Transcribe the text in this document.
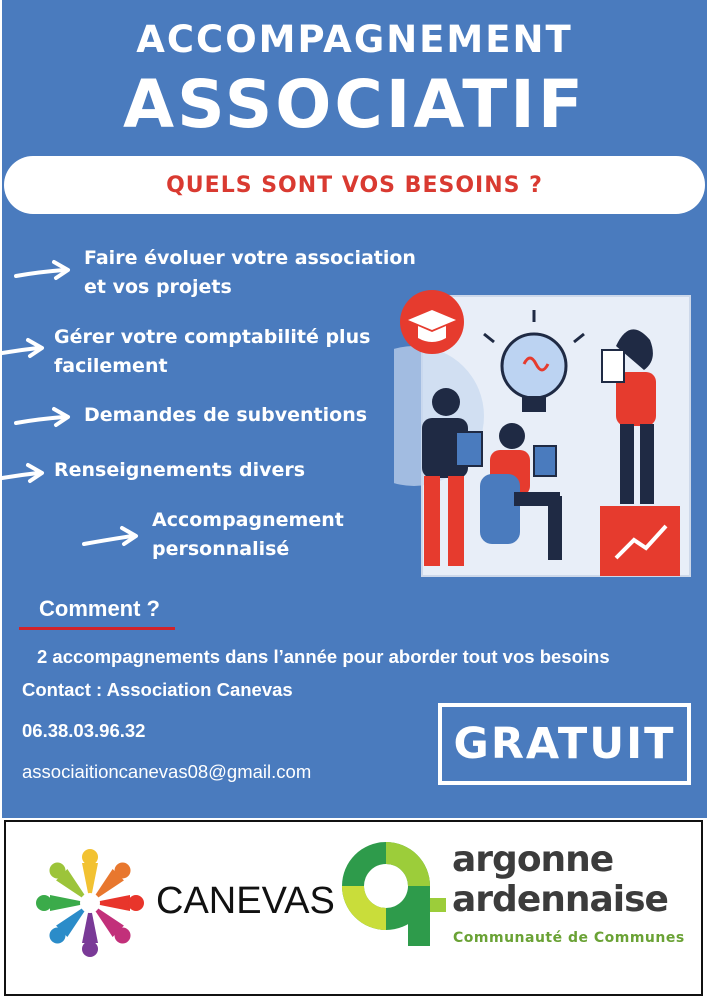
ACCOMPAGNEMENT
ASSOCIATIF
QUELS SONT VOS BESOINS ?
Faire évoluer votre association
et vos projets
Gérer votre comptabilité plus
facilement
Demandes de subventions
Renseignements divers
Accompagnement
personnalisé
Comment ?
2 accompagnements dans l’année pour aborder tout vos besoins
Contact : Association Canevas
06.38.03.96.32
associaitioncanevas08@gmail.com
GRATUIT
CANEVAS
argonne
ardennaise
Communauté de Communes
